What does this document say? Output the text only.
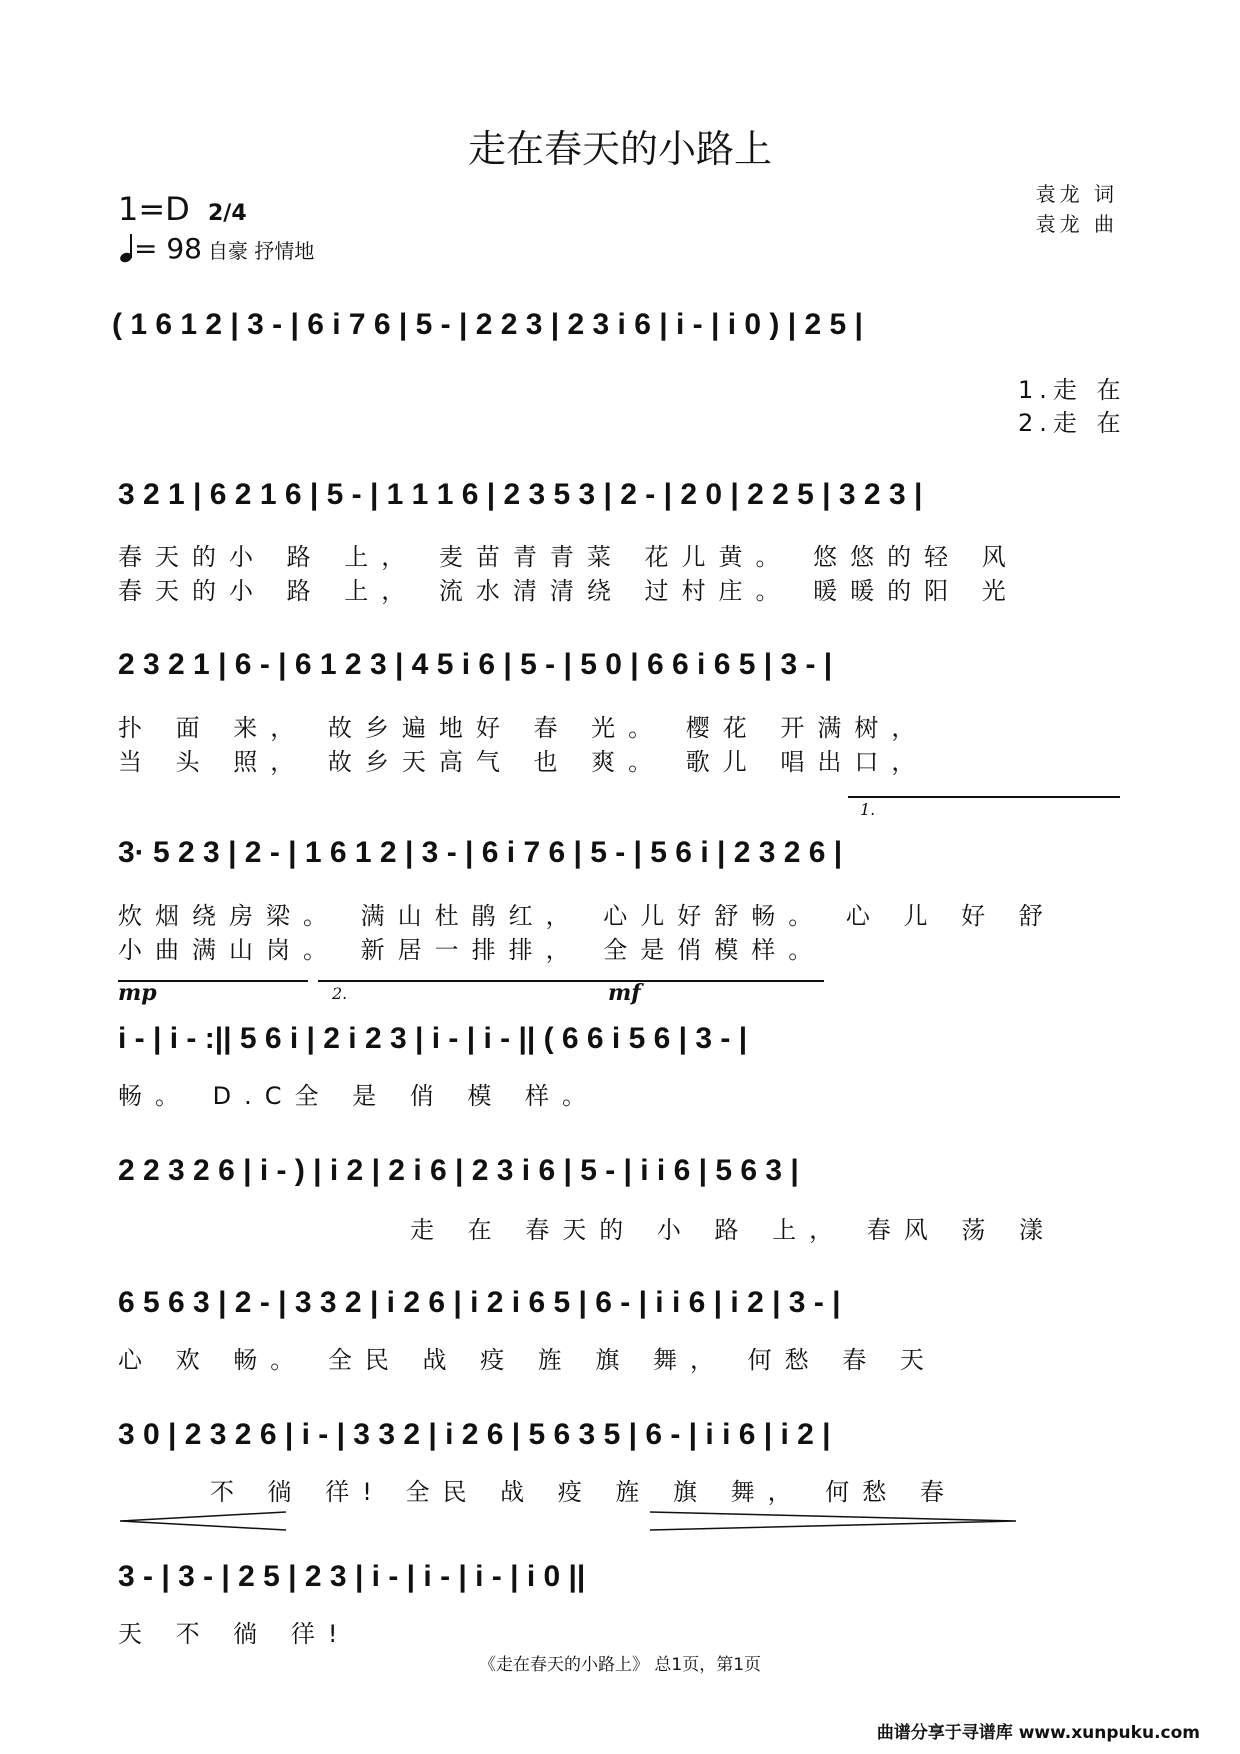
走在春天的小路上
1=D 2/4
= 98 自豪 抒情地
袁龙 词
袁龙 曲
( 1 6 1 2 | 3 - | 6 i 7 6 | 5 - | 2 2 3 | 2 3 i 6 | i - | i 0 ) | 2 5 |
1.走 在
2.走 在
3 2 1 | 6 2 1 6 | 5 - | 1 1 1 6 | 2 3 5 3 | 2 - | 2 0 | 2 2 5 | 3 2 3 |
春天的小 路 上， 麦苗青青菜 花儿黄。 悠悠的轻 风
春天的小 路 上， 流水清清绕 过村庄。 暖暖的阳 光
2 3 2 1 | 6 - | 6 1 2 3 | 4 5 i 6 | 5 - | 5 0 | 6 6 i 6 5 | 3 - |
扑 面 来， 故乡遍地好 春 光。 樱花 开满树，
当 头 照， 故乡天高气 也 爽。 歌儿 唱出口，
1.
3· 5 2 3 | 2 - | 1 6 1 2 | 3 - | 6 i 7 6 | 5 - | 5 6 i | 2 3 2 6 |
炊烟绕房梁。 满山杜鹃红， 心儿好舒畅。 心 儿 好 舒
小曲满山岗。 新居一排排， 全是俏模样。
mp	2.	mf
i - | i - :|| 5 6 i | 2 i 2 3 | i - | i - || ( 6 6 i 5 6 | 3 - |
畅。 D.C全 是 俏 模 样。
2 2 3 2 6 | i - ) | i 2 | 2 i 6 | 2 3 i 6 | 5 - | i i 6 | 5 6 3 |
走 在 春天的 小 路 上， 春风 荡 漾
6 5 6 3 | 2 - | 3 3 2 | i 2 6 | i 2 i 6 5 | 6 - | i i 6 | i 2 | 3 - |
心 欢 畅。 全民 战 疫 旌 旗 舞， 何愁 春 天
3 0 | 2 3 2 6 | i - | 3 3 2 | i 2 6 | 5 6 3 5 | 6 - | i i 6 | i 2 |
不 徜 徉! 全民 战 疫 旌 旗 舞， 何愁 春
3 - | 3 - | 2 5 | 2 3 | i - | i - | i - | i 0 ||
天 不 徜 徉!
《走在春天的小路上》 总1页，第1页
曲谱分享于寻谱库 www.xunpuku.com
